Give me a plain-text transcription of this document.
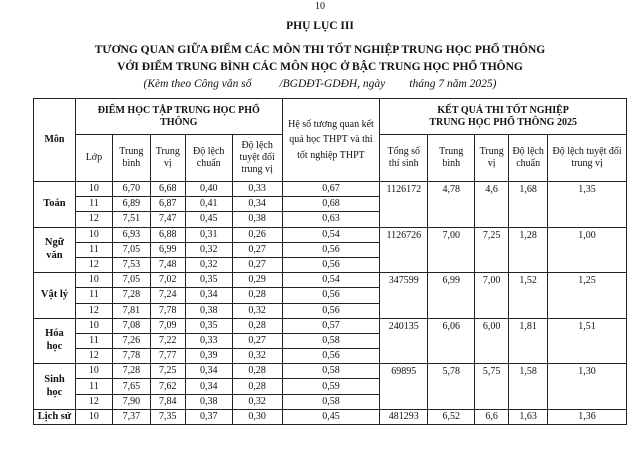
10
PHỤ LỤC III
TƯƠNG QUAN GIỮA ĐIỂM CÁC MÔN THI TỐT NGHIỆP TRUNG HỌC PHỔ THÔNG
VỚI ĐIỂM TRUNG BÌNH CÁC MÔN HỌC Ở BẬC TRUNG HỌC PHỔ THÔNG
(Kèm theo Công văn số /BGDĐT-GDĐH, ngày tháng 7 năm 2025)
Môn	ĐIỂM HỌC TẬP TRUNG HỌC PHỔ THÔNG					Hệ số tương quan kết quả học THPT và thi tốt nghiệp THPT	KẾT QUẢ THI TỐT NGHIỆP
TRUNG HỌC PHỔ THÔNG 2025				

	Lớp	Trung bình	Trung vị	Độ lệch chuẩn	Độ lệch tuyệt đối trung vị		Tổng số thí sinh	Trung bình	Trung vị	Độ lệch chuẩn	Độ lệch tuyệt đối trung vị
Toán	10	6,70	6,68	0,40	0,33	0,67	1126172	4,78	4,6	1,68	1,35
	11	6,89	6,87	0,41	0,34	0,68					
	12	7,51	7,47	0,45	0,38	0,63					
Ngữ văn	10	6,93	6,88	0,31	0,26	0,54	1126726	7,00	7,25	1,28	1,00
	11	7,05	6,99	0,32	0,27	0,56					
	12	7,53	7,48	0,32	0,27	0,56					
Vật lý	10	7,05	7,02	0,35	0,29	0,54	347599	6,99	7,00	1,52	1,25
	11	7,28	7,24	0,34	0,28	0,56					
	12	7,81	7,78	0,38	0,32	0,56					
Hóa học	10	7,08	7,09	0,35	0,28	0,57	240135	6,06	6,00	1,81	1,51
	11	7,26	7,22	0,33	0,27	0,58					
	12	7,78	7,77	0,39	0,32	0,56					
Sinh học	10	7,28	7,25	0,34	0,28	0,58	69895	5,78	5,75	1,58	1,30
	11	7,65	7,62	0,34	0,28	0,59					
	12	7,90	7,84	0,38	0,32	0,58					
Lịch sử	10	7,37	7,35	0,37	0,30	0,45	481293	6,52	6,6	1,63	1,36
